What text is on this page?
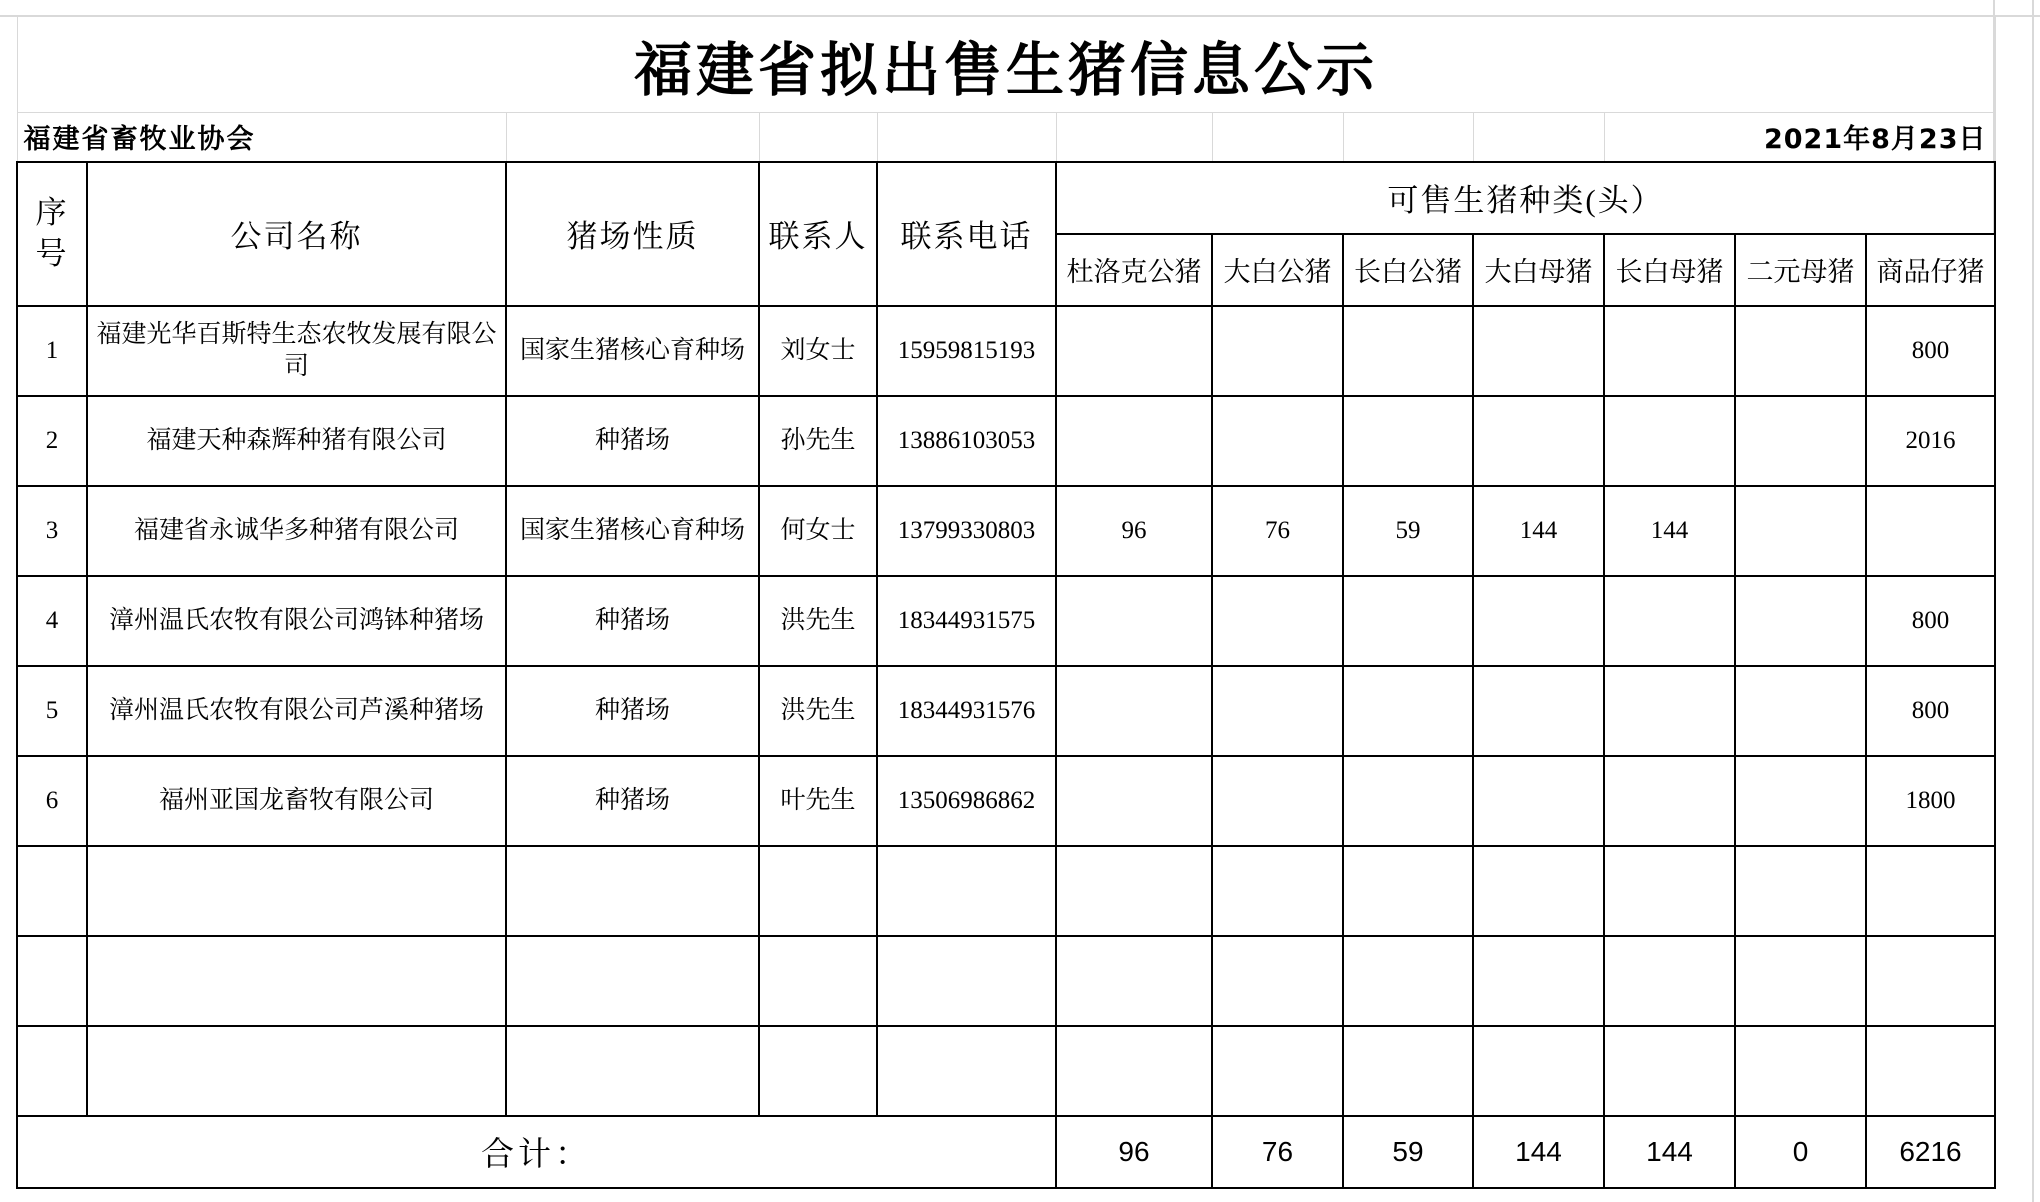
福建省拟出售生猪信息公示											
福建省畜牧业协会									2021年8月23日		
序号	公司名称	猪场性质	联系人	联系电话	可售生猪种类(头）						
					杜洛克公猪	大白公猪	长白公猪	大白母猪	长白母猪	二元母猪	商品仔猪
1	福建光华百斯特生态农牧发展有限公司	国家生猪核心育种场	刘女士	15959815193							800
2	福建天种森辉种猪有限公司	种猪场	孙先生	13886103053							2016
3	福建省永诚华多种猪有限公司	国家生猪核心育种场	何女士	13799330803	96	76	59	144	144		
4	漳州温氏农牧有限公司鸿钵种猪场	种猪场	洪先生	18344931575							800
5	漳州温氏农牧有限公司芦溪种猪场	种猪场	洪先生	18344931576							800
6	福州亚国龙畜牧有限公司	种猪场	叶先生	13506986862							1800

合计：					96	76	59	144	144	0	6216
